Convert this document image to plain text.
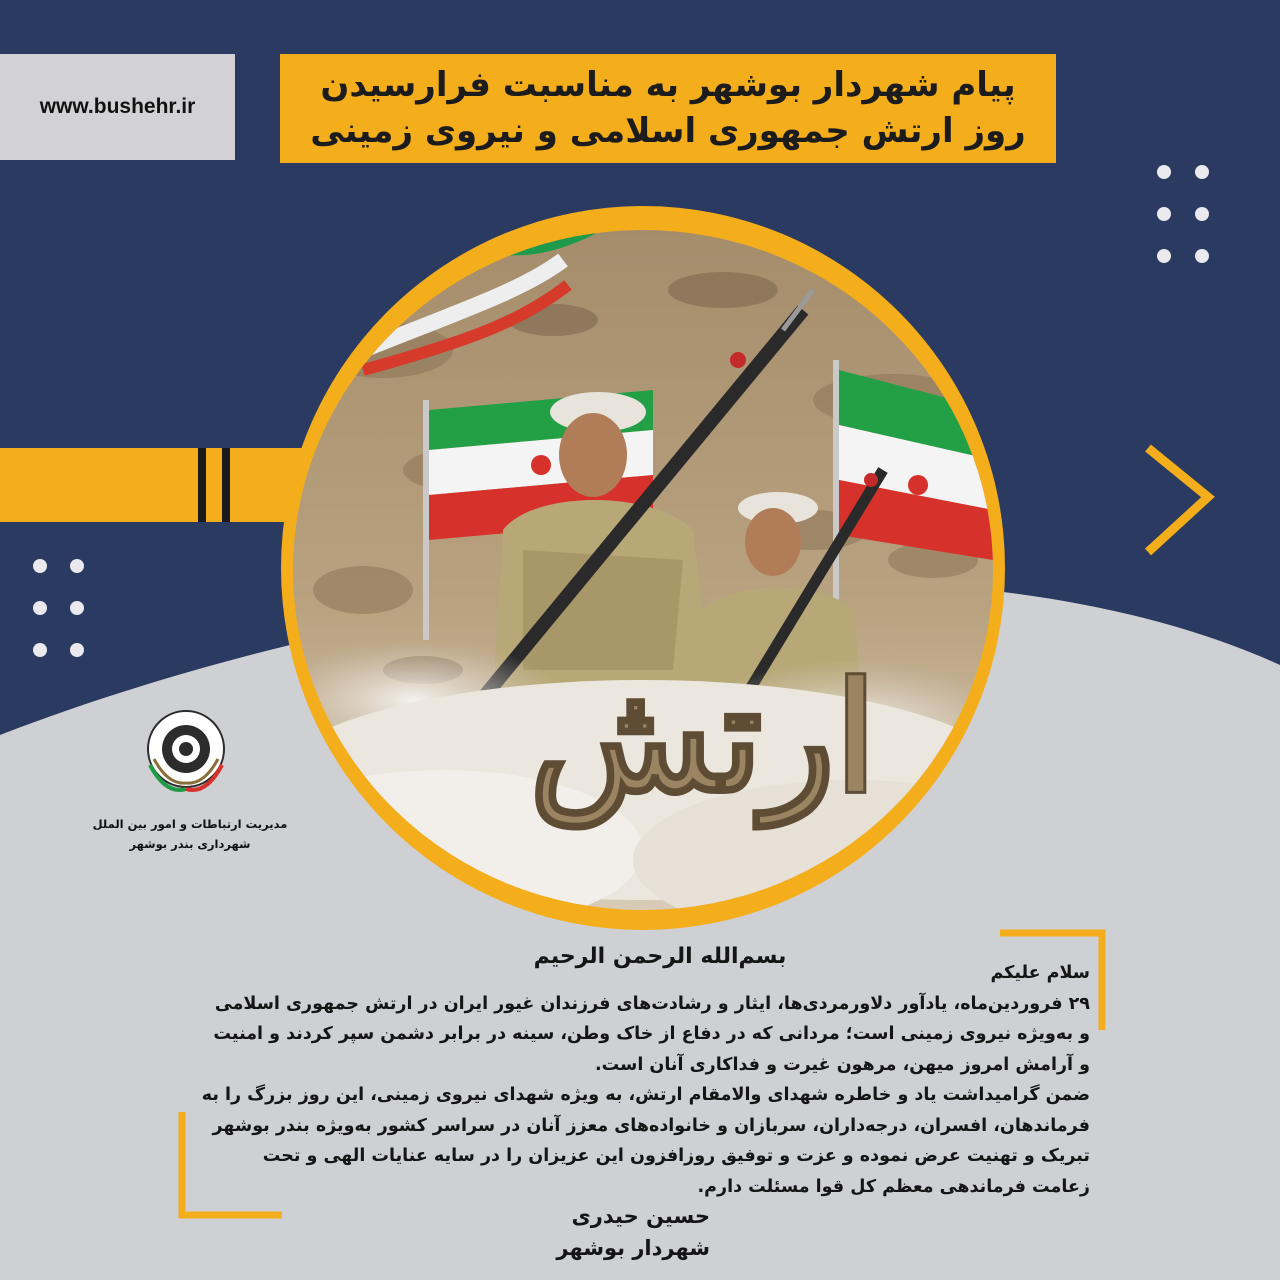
www.bushehr.ir
پیام شهردار بوشهر به مناسبت فرارسیدن
روز ارتش جمهوری اسلامی و نیروی زمینی
ارتش
مدیریت ارتباطات و امور بین الملل
شهرداری بندر بوشهر
بسم‌الله الرحمن الرحیم

سلام علیکم

۲۹ فروردین‌ماه، یادآور دلاورمردی‌ها، ایثار و رشادت‌های فرزندان غیور ایران در ارتش جمهوری اسلامی و به‌ویژه نیروی زمینی است؛ مردانی که در دفاع از خاک وطن، سینه در برابر دشمن سپر کردند و امنیت و آرامش امروز میهن، مرهون غیرت و فداکاری آنان است.

ضمن گرامیداشت یاد و خاطره شهدای والامقام ارتش، به ویژه شهدای نیروی زمینی، این روز بزرگ را به فرماندهان، افسران، درجه‌داران، سربازان و خانواده‌های معزز آنان در سراسر کشور به‌ویژه بندر بوشهر تبریک و تهنیت عرض نموده و عزت و توفیق روزافزون این عزیزان را در سایه عنایات الهی و تحت زعامت فرماندهی معظم کل قوا مسئلت دارم.

حسین حیدری
شهردار بوشهر
